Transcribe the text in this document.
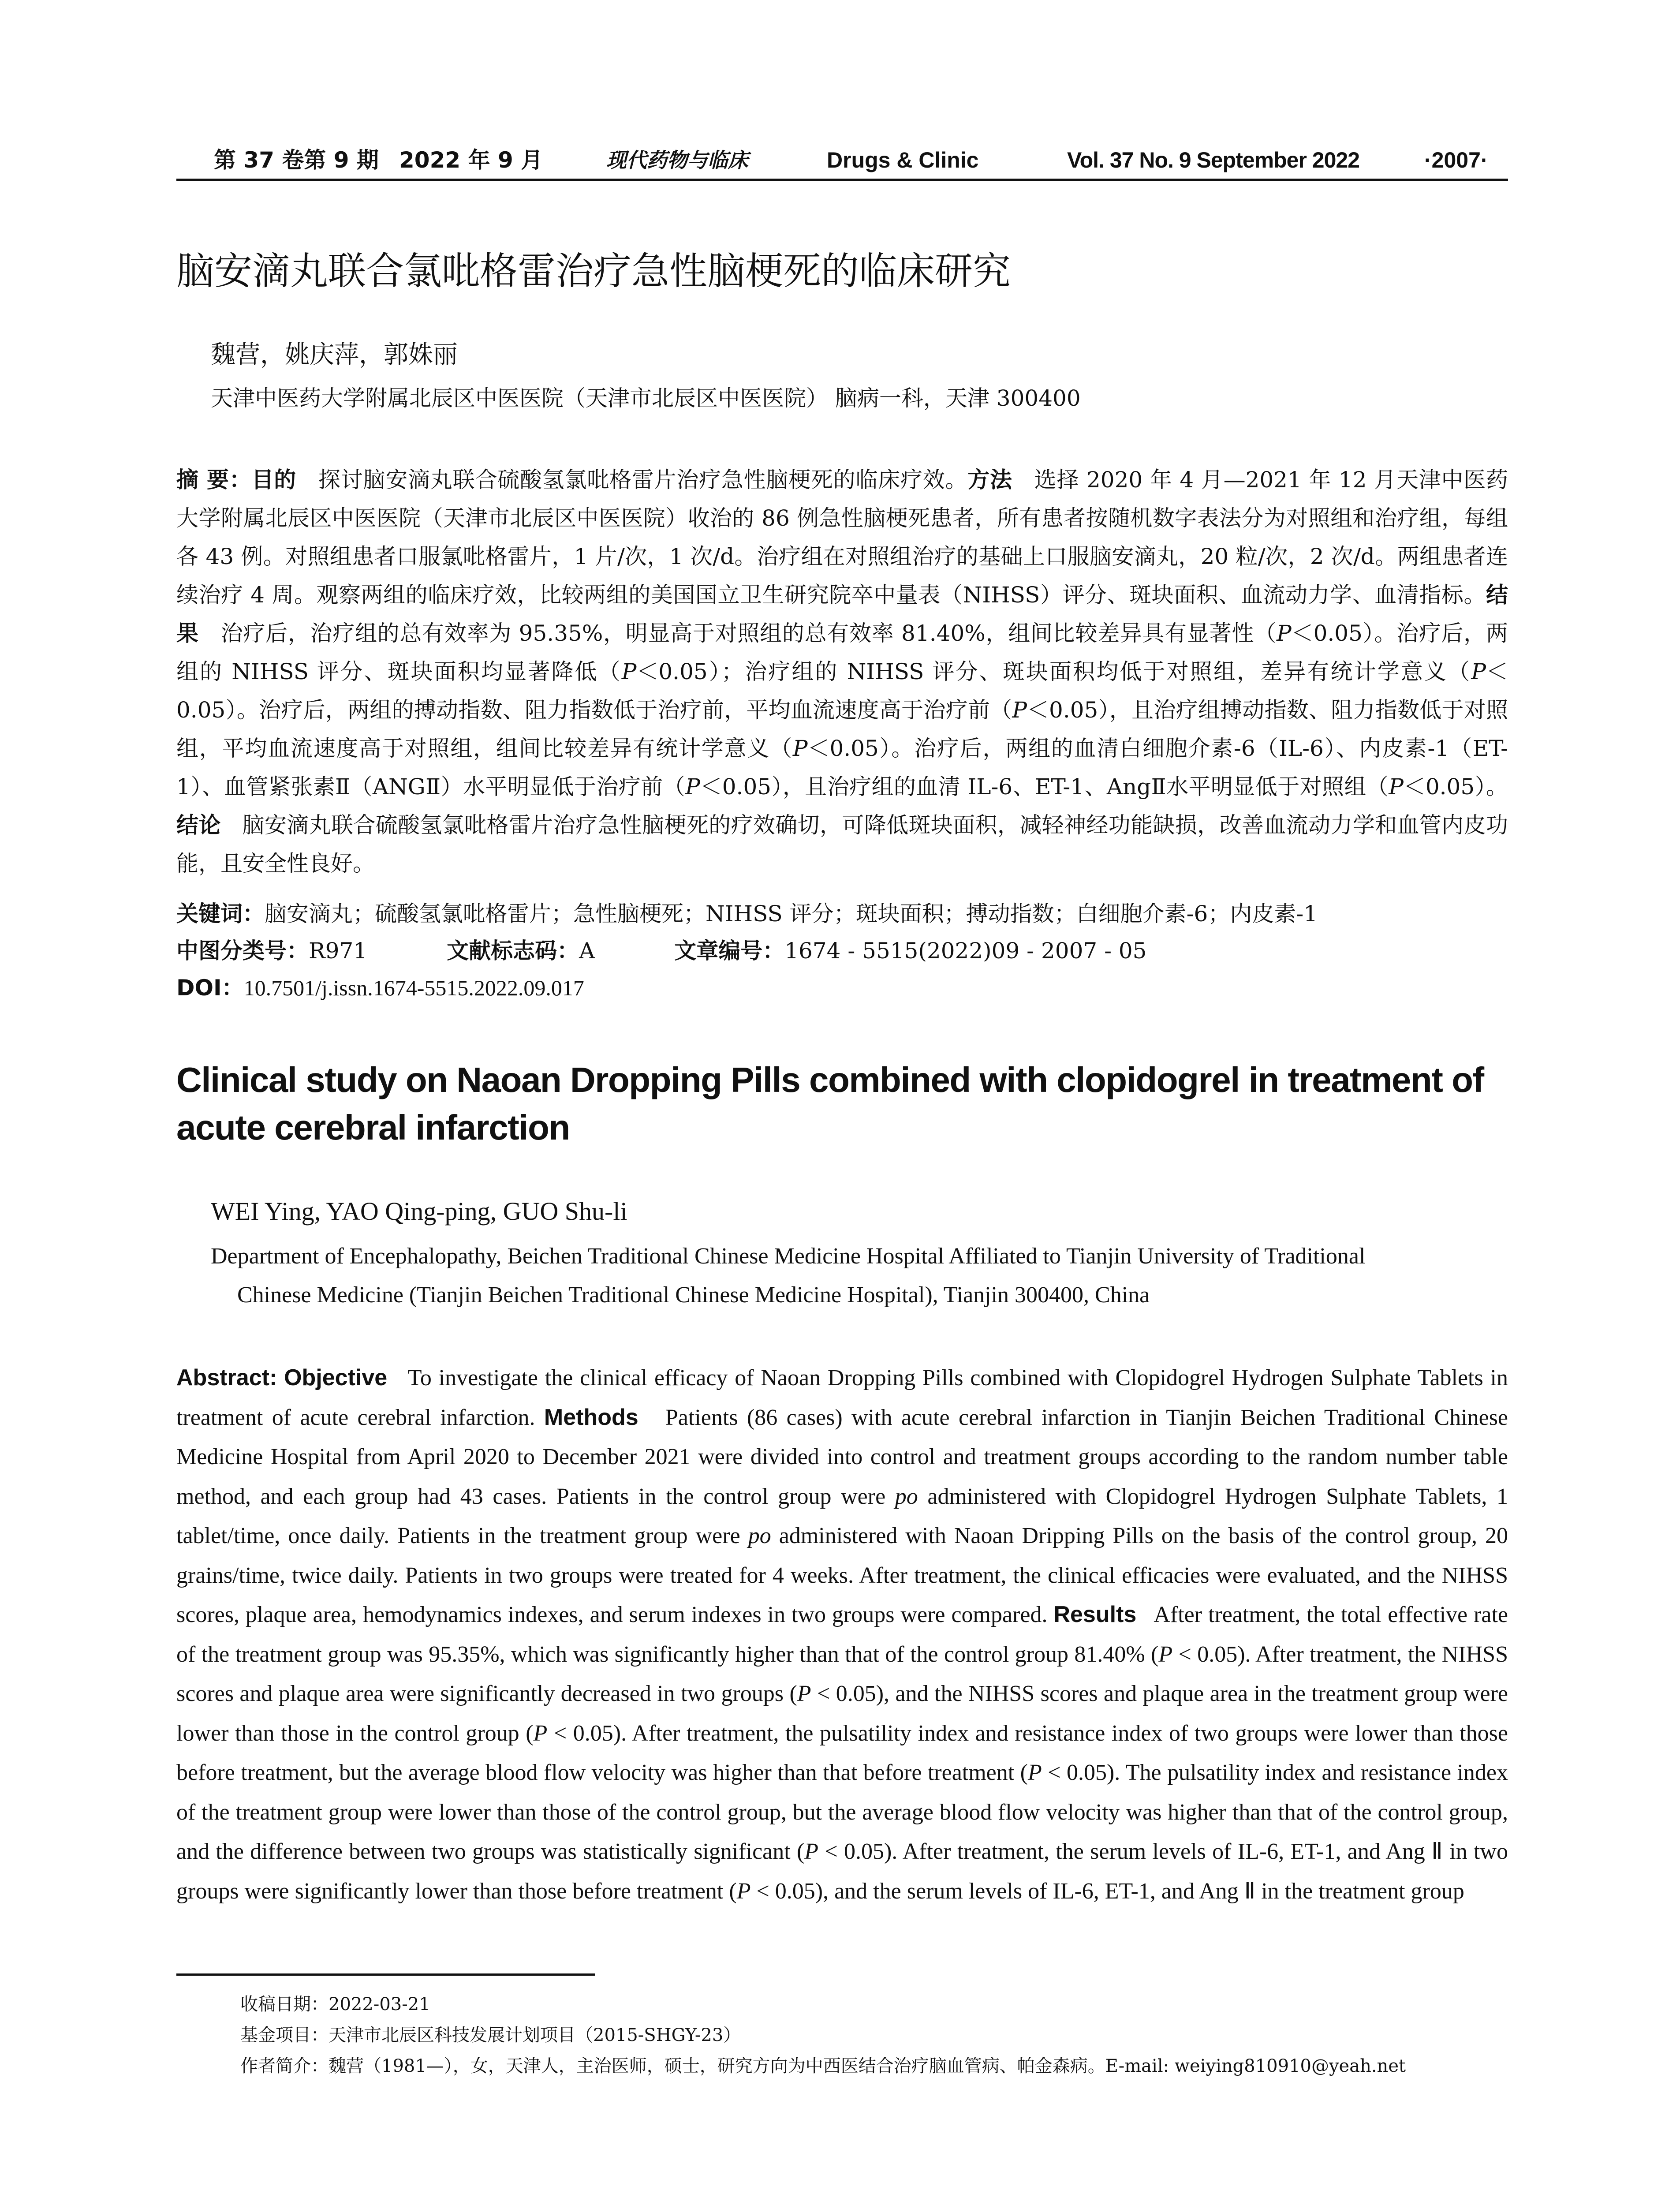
第 37 卷第 9 期 2022 年 9 月	现代药物与临床	Drugs & Clinic	Vol. 37 No. 9 September 2022	·2007·
脑安滴丸联合氯吡格雷治疗急性脑梗死的临床研究
魏营，姚庆萍，郭姝丽
天津中医药大学附属北辰区中医医院（天津市北辰区中医医院） 脑病一科，天津 300400
摘 要：目的 探讨脑安滴丸联合硫酸氢氯吡格雷片治疗急性脑梗死的临床疗效。方法 选择 2020 年 4 月—2021 年 12 月天津中医药大学附属北辰区中医医院（天津市北辰区中医医院）收治的 86 例急性脑梗死患者，所有患者按随机数字表法分为对照组和治疗组，每组各 43 例。对照组患者口服氯吡格雷片，1 片/次，1 次/d。治疗组在对照组治疗的基础上口服脑安滴丸，20 粒/次，2 次/d。两组患者连续治疗 4 周。观察两组的临床疗效，比较两组的美国国立卫生研究院卒中量表（NIHSS）评分、斑块面积、血流动力学、血清指标。结果 治疗后，治疗组的总有效率为 95.35%，明显高于对照组的总有效率 81.40%，组间比较差异具有显著性（P＜0.05）。治疗后，两组的 NIHSS 评分、斑块面积均显著降低（P＜0.05）；治疗组的 NIHSS 评分、斑块面积均低于对照组，差异有统计学意义（P＜0.05）。治疗后，两组的搏动指数、阻力指数低于治疗前，平均血流速度高于治疗前（P＜0.05），且治疗组搏动指数、阻力指数低于对照组，平均血流速度高于对照组，组间比较差异有统计学意义（P＜0.05）。治疗后，两组的血清白细胞介素-6（IL-6）、内皮素-1（ET-1）、血管紧张素Ⅱ（ANGⅡ）水平明显低于治疗前（P＜0.05），且治疗组的血清 IL-6、ET-1、AngⅡ水平明显低于对照组（P＜0.05）。结论 脑安滴丸联合硫酸氢氯吡格雷片治疗急性脑梗死的疗效确切，可降低斑块面积，减轻神经功能缺损，改善血流动力学和血管内皮功能，且安全性良好。
关键词：脑安滴丸；硫酸氢氯吡格雷片；急性脑梗死；NIHSS 评分；斑块面积；搏动指数；白细胞介素-6；内皮素-1
中图分类号：R971	文献标志码：A	文章编号：1674 - 5515(2022)09 - 2007 - 05
DOI：10.7501/j.issn.1674-5515.2022.09.017
Clinical study on Naoan Dropping Pills combined with clopidogrel in treatment of acute cerebral infarction
WEI Ying, YAO Qing-ping, GUO Shu-li
Department of Encephalopathy, Beichen Traditional Chinese Medicine Hospital Affiliated to Tianjin University of Traditional
Chinese Medicine (Tianjin Beichen Traditional Chinese Medicine Hospital), Tianjin 300400, China
Abstract: Objective To investigate the clinical efficacy of Naoan Dropping Pills combined with Clopidogrel Hydrogen Sulphate Tablets in treatment of acute cerebral infarction. Methods Patients (86 cases) with acute cerebral infarction in Tianjin Beichen Traditional Chinese Medicine Hospital from April 2020 to December 2021 were divided into control and treatment groups according to the random number table method, and each group had 43 cases. Patients in the control group were po administered with Clopidogrel Hydrogen Sulphate Tablets, 1 tablet/time, once daily. Patients in the treatment group were po administered with Naoan Dripping Pills on the basis of the control group, 20 grains/time, twice daily. Patients in two groups were treated for 4 weeks. After treatment, the clinical efficacies were evaluated, and the NIHSS scores, plaque area, hemodynamics indexes, and serum indexes in two groups were compared. Results After treatment, the total effective rate of the treatment group was 95.35%, which was significantly higher than that of the control group 81.40% (P < 0.05). After treatment, the NIHSS scores and plaque area were significantly decreased in two groups (P < 0.05), and the NIHSS scores and plaque area in the treatment group were lower than those in the control group (P < 0.05). After treatment, the pulsatility index and resistance index of two groups were lower than those before treatment, but the average blood flow velocity was higher than that before treatment (P < 0.05). The pulsatility index and resistance index of the treatment group were lower than those of the control group, but the average blood flow velocity was higher than that of the control group, and the difference between two groups was statistically significant (P < 0.05). After treatment, the serum levels of IL-6, ET-1, and Ang Ⅱ in two groups were significantly lower than those before treatment (P < 0.05), and the serum levels of IL-6, ET-1, and Ang Ⅱ in the treatment group
收稿日期：2022-03-21
基金项目：天津市北辰区科技发展计划项目（2015-SHGY-23）
作者简介：魏营（1981—），女，天津人，主治医师，硕士，研究方向为中西医结合治疗脑血管病、帕金森病。E-mail: weiying810910@yeah.net
